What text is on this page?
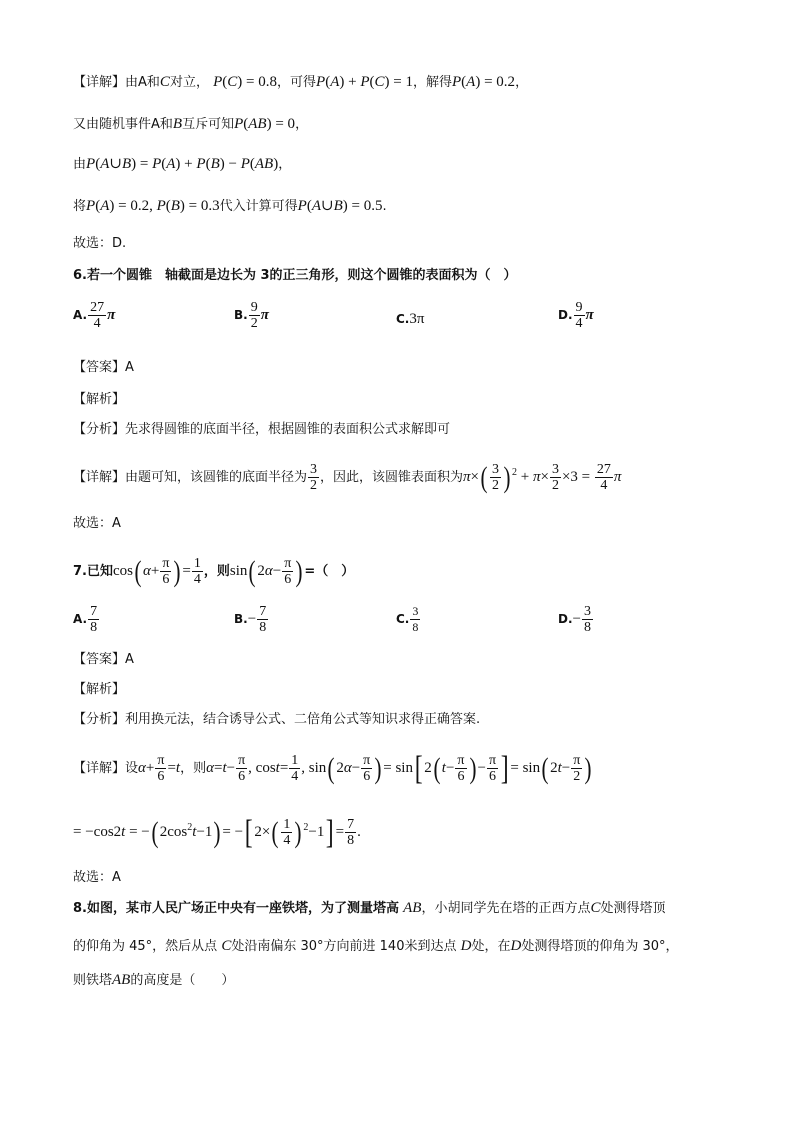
【详解】由A和C对立， P(C) = 0.8，可得P(A) + P(C) = 1，解得P(A) = 0.2，
又由随机事件A和B互斥可知P(AB) = 0，
由P(A∪B) = P(A) + P(B) − P(AB)，
将P(A) = 0.2, P(B) = 0.3代入计算可得P(A∪B) = 0.5.
故选：D.
6.若一个圆锥　轴截面是边长为 3的正三角形，则这个圆锥的表面积为（　）
A. $\frac{27}{4}$ π	B. $\frac{9}{2}$ π	C.3π	D. $\frac{9}{4}$ π
【答案】A
【解析】
【分析】先求得圆锥的底面半径，根据圆锥的表面积公式求解即可
【详解】由题可知，该圆锥的底面半径为 $\frac{3}{2}$ ，因此，该圆锥表面积为$\pi\times( \frac{3}{2}$ ) $^2 + \pi\times \frac{3}{2} \times 3 = \frac{27}{4}$ π
故选：A
7.已知cos( $\alpha+ \frac{\pi}{6}$ ) = $\frac{1}{4}$ ，则sin( $2\alpha- \frac{\pi}{6}$ ) =（　）
A. $\frac{7}{8}$	$B.- \frac{7}{8}$	C. $\frac{3}{8}$	$D.- \frac{3}{8}$
【答案】A
【解析】
【分析】利用换元法，结合诱导公式、二倍角公式等知识求得正确答案.
【详解】设$\alpha+ \frac{\pi}{6} =t$，则$\alpha=t- \frac{\pi}{6}$ , $\cos t= \frac{1}{4}$ , sin( $2\alpha- \frac{\pi}{6}$ ) = sin[ 2( $t- \frac{\pi}{6}$ ) − $\frac{\pi}{6}$ ] = sin( $2t- \frac{\pi}{2}$ )
= −cos2t = −( $2\cos^2t-1$) = −[ $2\times( \frac{1}{4}$ ) $^2-1] = \frac{7}{8}$ .
故选：A
8.如图，某市人民广场正中央有一座铁塔，为了测量塔高 AB，小胡同学先在塔的正西方点C处测得塔顶
的仰角为 45°，然后从点 C处沿南偏东 30°方向前进 140米到达点 D处，在D处测得塔顶的仰角为 30°，
则铁塔AB的高度是（　　）
